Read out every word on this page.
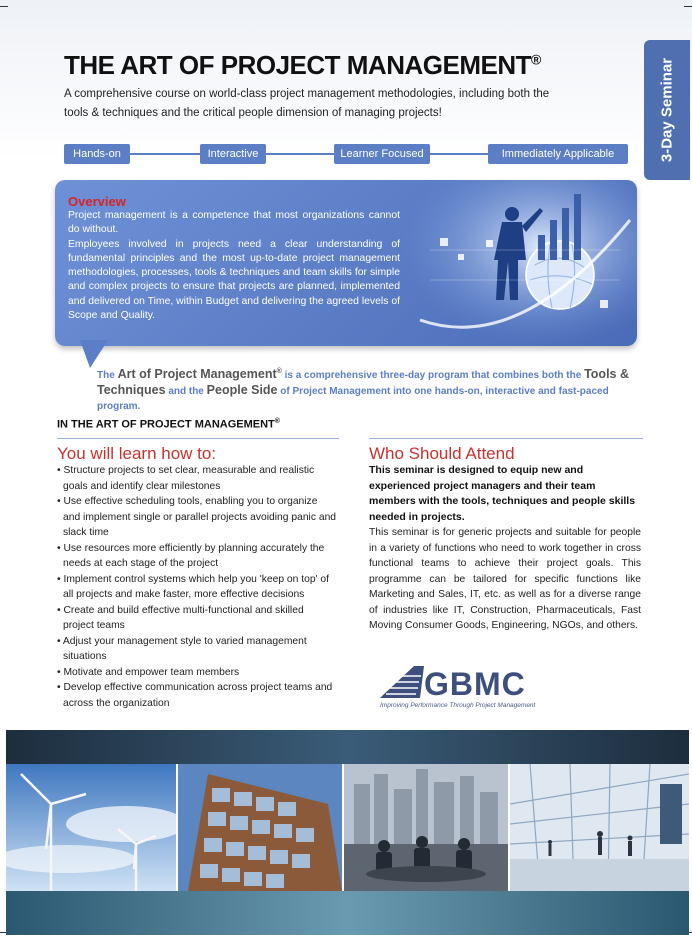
3-Day Seminar
THE ART OF PROJECT MANAGEMENT®
A comprehensive course on world-class project management methodologies, including both the tools & techniques and the critical people dimension of managing projects!
Hands-on	Interactive	Learner Focused	Immediately Applicable
Overview

Project management is a competence that most organizations cannot do without.

Employees involved in projects need a clear understanding of fundamental principles and the most up-to-date project management methodologies, processes, tools & techniques and team skills for simple and complex projects to ensure that projects are planned, implemented and delivered on Time, within Budget and delivering the agreed levels of Scope and Quality.

The Art of Project Management® is a comprehensive three-day program that combines both the Tools & Techniques and the People Side of Project Management into one hands-on, interactive and fast-paced program.
IN THE ART OF PROJECT MANAGEMENT®
You will learn how to:
• Structure projects to set clear, measurable and realistic goals and identify clear milestones
• Use effective scheduling tools, enabling you to organize and implement single or parallel projects avoiding panic and slack time
• Use resources more efficiently by planning accurately the needs at each stage of the project
• Implement control systems which help you 'keep on top' of all projects and make faster, more effective decisions
• Create and build effective multi-functional and skilled project teams
• Adjust your management style to varied management situations
• Motivate and empower team members
• Develop effective communication across project teams and across the organization
Who Should Attend
This seminar is designed to equip new and experienced project managers and their team members with the tools, techniques and people skills needed in projects.
This seminar is for generic projects and suitable for people in a variety of functions who need to work together in cross functional teams to achieve their project goals. This programme can be tailored for specific functions like Marketing and Sales, IT, etc. as well as for a diverse range of industries like IT, Construction, Pharmaceuticals, Fast Moving Consumer Goods, Engineering, NGOs, and others.
GBMC
Improving Performance Through Project Management
